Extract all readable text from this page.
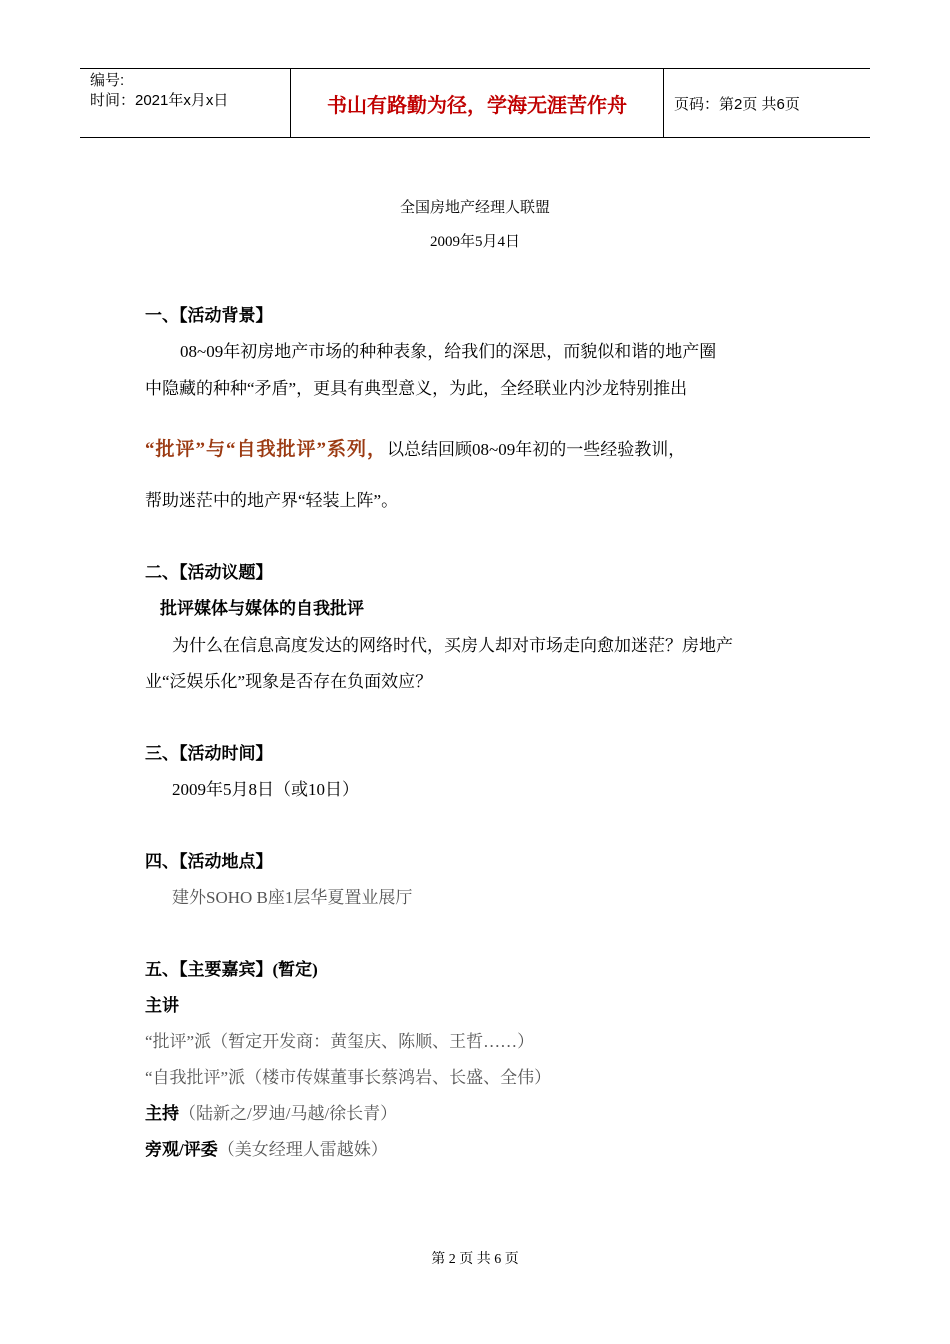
编号:
时间：2021年x月x日	书山有路勤为径，学海无涯苦作舟	页码：第2页 共6页
全国房地产经理人联盟
2009年5月4日
一、【活动背景】
08~09年初房地产市场的种种表象，给我们的深思，而貌似和谐的地产圈
中隐藏的种种“矛盾”，更具有典型意义，为此，全经联业内沙龙特别推出
“批评”与“自我批评”系列，以总结回顾08~09年初的一些经验教训，
帮助迷茫中的地产界“轻装上阵”。
二、【活动议题】
批评媒体与媒体的自我批评
为什么在信息高度发达的网络时代，买房人却对市场走向愈加迷茫？房地产
业“泛娱乐化”现象是否存在负面效应？
三、【活动时间】
2009年5月8日（或10日）
四、【活动地点】
建外SOHO B座1层华夏置业展厅
五、【主要嘉宾】(暂定)
主讲
“批评”派（暂定开发商：黄玺庆、陈顺、王哲……）
“自我批评”派（楼市传媒董事长蔡鸿岩、长盛、全伟）
主持（陆新之/罗迪/马越/徐长青）
旁观/评委（美女经理人雷越姝）
第 2 页 共 6 页
